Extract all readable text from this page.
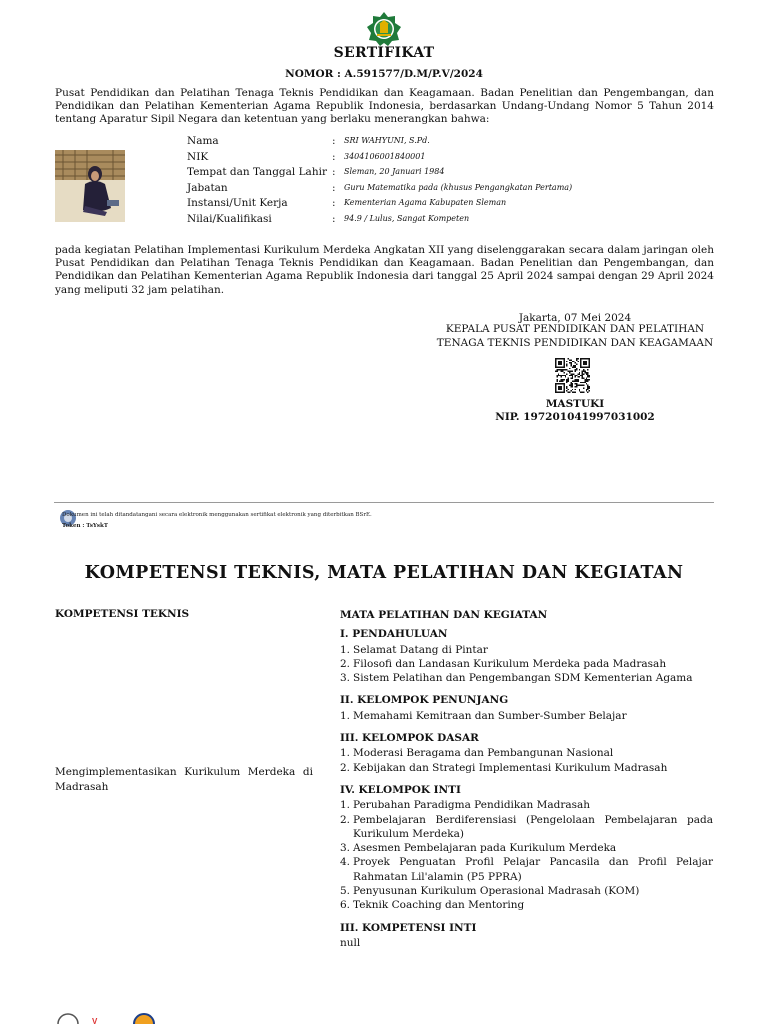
SERTIFIKAT
NOMOR : A.591577/D.M/P.V/2024
Pusat Pendidikan dan Pelatihan Tenaga Teknis Pendidikan dan Keagamaan. Badan Penelitian dan Pengembangan, dan Pendidikan dan Pelatihan Kementerian Agama Republik Indonesia, berdasarkan Undang-Undang Nomor 5 Tahun 2014 tentang Aparatur Sipil Negara dan ketentuan yang berlaku menerangkan bahwa:
Nama	: SRI WAHYUNI, S.Pd.
NIK	: 3404106001840001
Tempat dan Tanggal Lahir : Sleman, 20 Januari 1984
Jabatan	: Guru Matematika pada (khusus Pengangkatan Pertama)
Instansi/Unit Kerja	: Kementerian Agama Kabupaten Sleman
Nilai/Kualifikasi	: 94.9 / Lulus, Sangat Kompeten
pada kegiatan Pelatihan Implementasi Kurikulum Merdeka Angkatan XII yang diselenggarakan secara dalam jaringan oleh Pusat Pendidikan dan Pelatihan Tenaga Teknis Pendidikan dan Keagamaan. Badan Penelitian dan Pengembangan, dan Pendidikan dan Pelatihan Kementerian Agama Republik Indonesia dari tanggal 25 April 2024 sampai dengan 29 April 2024 yang meliputi 32 jam pelatihan.
Jakarta, 07 Mei 2024
KEPALA PUSAT PENDIDIKAN DAN PELATIHAN
TENAGA TEKNIS PENDIDIKAN DAN KEAGAMAAN
MASTUKI
NIP. 197201041997031002
Dokumen ini telah ditandatangani secara elektronik menggunakan sertifikat elektronik yang diterbitkan BSrE.
Token : TsYskT
KOMPETENSI TEKNIS, MATA PELATIHAN DAN KEGIATAN
KOMPETENSI TEKNIS
Mengimplementasikan Kurikulum Merdeka di Madrasah
MATA PELATIHAN DAN KEGIATAN
I. PENDAHULUAN
1. Selamat Datang di Pintar
2. Filosofi dan Landasan Kurikulum Merdeka pada Madrasah
3. Sistem Pelatihan dan Pengembangan SDM Kementerian Agama
II. KELOMPOK PENUNJANG
1. Memahami Kemitraan dan Sumber-Sumber Belajar
III. KELOMPOK DASAR
1. Moderasi Beragama dan Pembangunan Nasional
2. Kebijakan dan Strategi Implementasi Kurikulum Madrasah
IV. KELOMPOK INTI
1. Perubahan Paradigma Pendidikan Madrasah
2. Pembelajaran Berdiferensiasi (Pengelolaan Pembelajaran pada Kurikulum Merdeka)
3. Asesmen Pembelajaran pada Kurikulum Merdeka
4. Proyek Penguatan Profil Pelajar Pancasila dan Profil Pelajar Rahmatan Lil'alamin (P5 PPRA)
5. Penyusunan Kurikulum Operasional Madrasah (KOM)
6. Teknik Coaching dan Mentoring
III. KOMPETENSI INTI
null
V
